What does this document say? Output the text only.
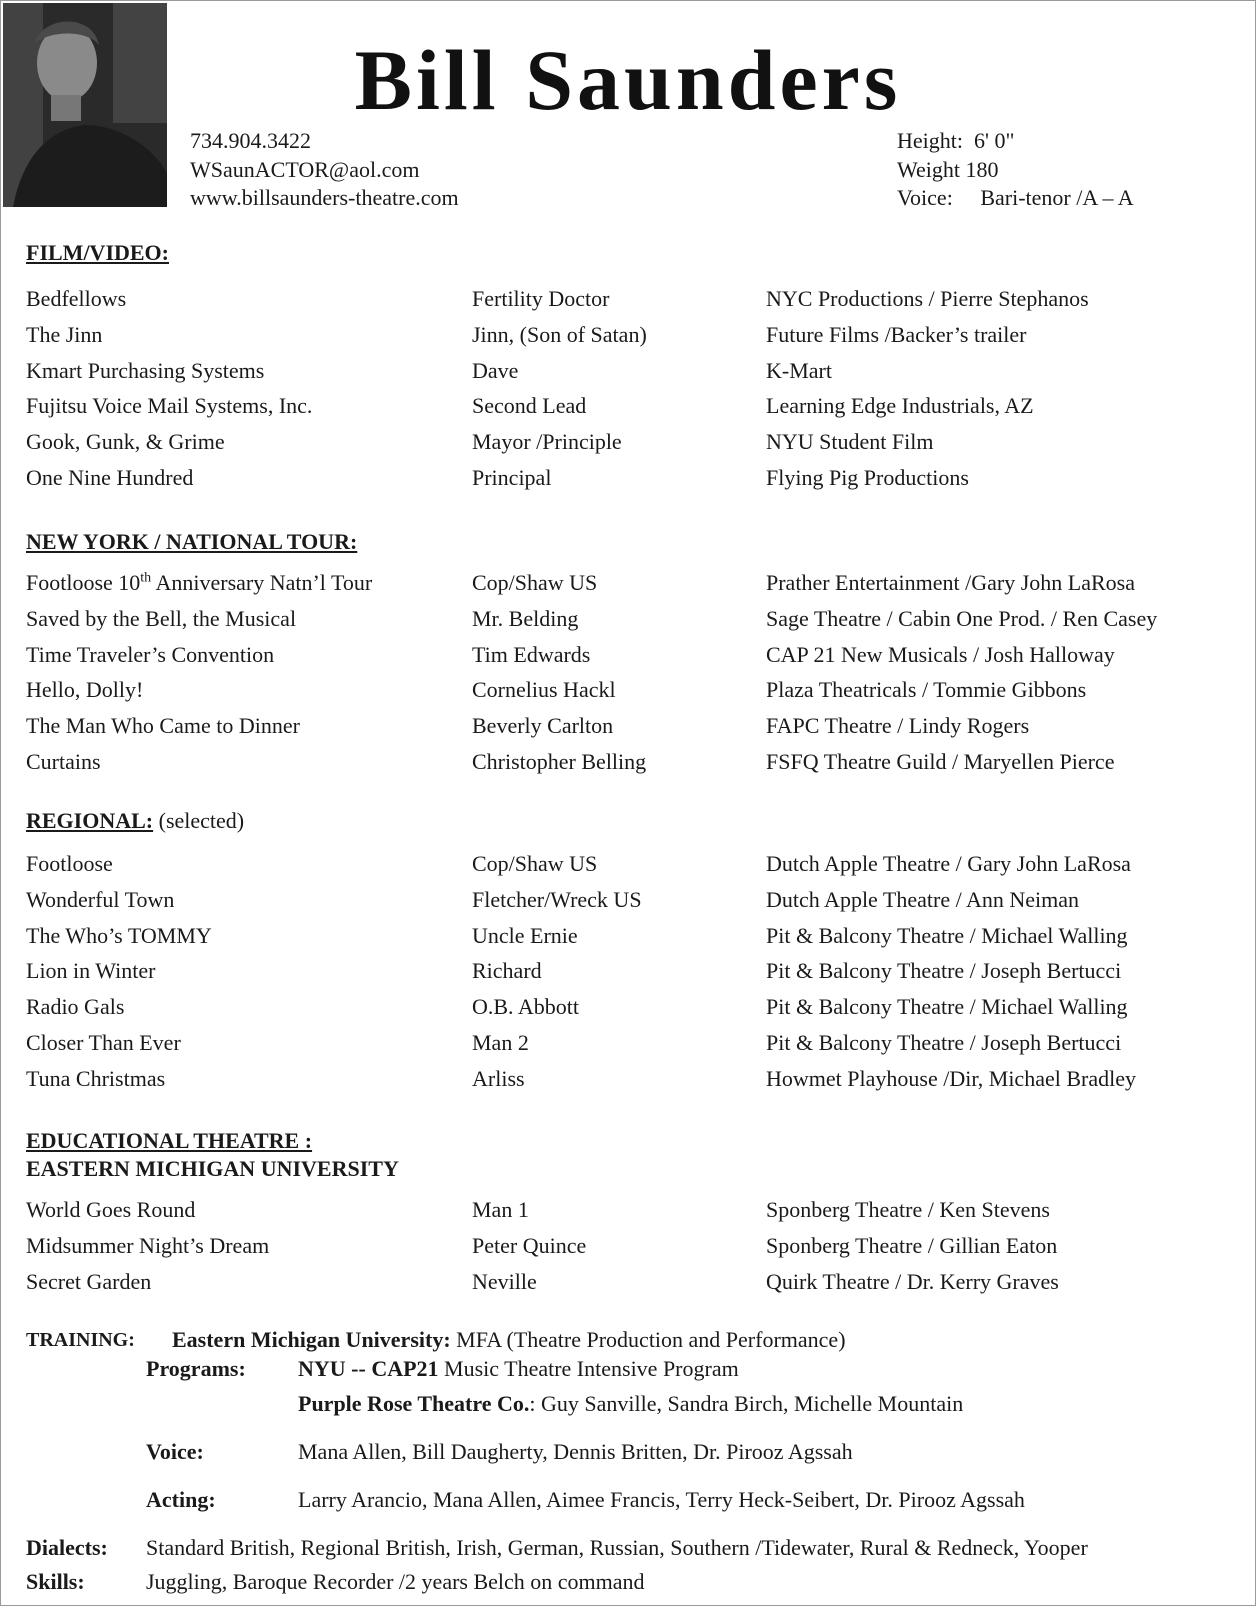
Bill Saunders
734.904.3422
WSaunACTOR@aol.com
www.billsaunders-theatre.com
Height: 6' 0"
Weight 180
Voice: Bari-tenor /A – A
FILM/VIDEO:
Bedfellows	Fertility Doctor	NYC Productions / Pierre Stephanos
The Jinn	Jinn, (Son of Satan)	Future Films /Backer’s trailer
Kmart Purchasing Systems	Dave	K-Mart
Fujitsu Voice Mail Systems, Inc.	Second Lead	Learning Edge Industrials, AZ
Gook, Gunk, & Grime	Mayor /Principle	NYU Student Film
One Nine Hundred	Principal	Flying Pig Productions
NEW YORK / NATIONAL TOUR:
Footloose 10th Anniversary Natn’l Tour	Cop/Shaw US	Prather Entertainment /Gary John LaRosa
Saved by the Bell, the Musical	Mr. Belding	Sage Theatre / Cabin One Prod. / Ren Casey
Time Traveler’s Convention	Tim Edwards	CAP 21 New Musicals / Josh Halloway
Hello, Dolly!	Cornelius Hackl	Plaza Theatricals / Tommie Gibbons
The Man Who Came to Dinner	Beverly Carlton	FAPC Theatre / Lindy Rogers
Curtains	Christopher Belling	FSFQ Theatre Guild / Maryellen Pierce
REGIONAL: (selected)
Footloose	Cop/Shaw US	Dutch Apple Theatre / Gary John LaRosa
Wonderful Town	Fletcher/Wreck US	Dutch Apple Theatre / Ann Neiman
The Who’s TOMMY	Uncle Ernie	Pit & Balcony Theatre / Michael Walling
Lion in Winter	Richard	Pit & Balcony Theatre / Joseph Bertucci
Radio Gals	O.B. Abbott	Pit & Balcony Theatre / Michael Walling
Closer Than Ever	Man 2	Pit & Balcony Theatre / Joseph Bertucci
Tuna Christmas	Arliss	Howmet Playhouse /Dir, Michael Bradley
EDUCATIONAL THEATRE :
EASTERN MICHIGAN UNIVERSITY
World Goes Round	Man 1	Sponberg Theatre / Ken Stevens
Midsummer Night’s Dream	Peter Quince	Sponberg Theatre / Gillian Eaton
Secret Garden	Neville	Quirk Theatre / Dr. Kerry Graves
TRAINING: Eastern Michigan University: MFA (Theatre Production and Performance)
Programs: NYU -- CAP21 Music Theatre Intensive Program
Purple Rose Theatre Co.: Guy Sanville, Sandra Birch, Michelle Mountain
Voice:	Mana Allen, Bill Daugherty, Dennis Britten, Dr. Pirooz Agssah
Acting:	Larry Arancio, Mana Allen, Aimee Francis, Terry Heck-Seibert, Dr. Pirooz Agssah
Dialects: Standard British, Regional British, Irish, German, Russian, Southern /Tidewater, Rural & Redneck, Yooper
Skills:	Juggling, Baroque Recorder /2 years Belch on command
